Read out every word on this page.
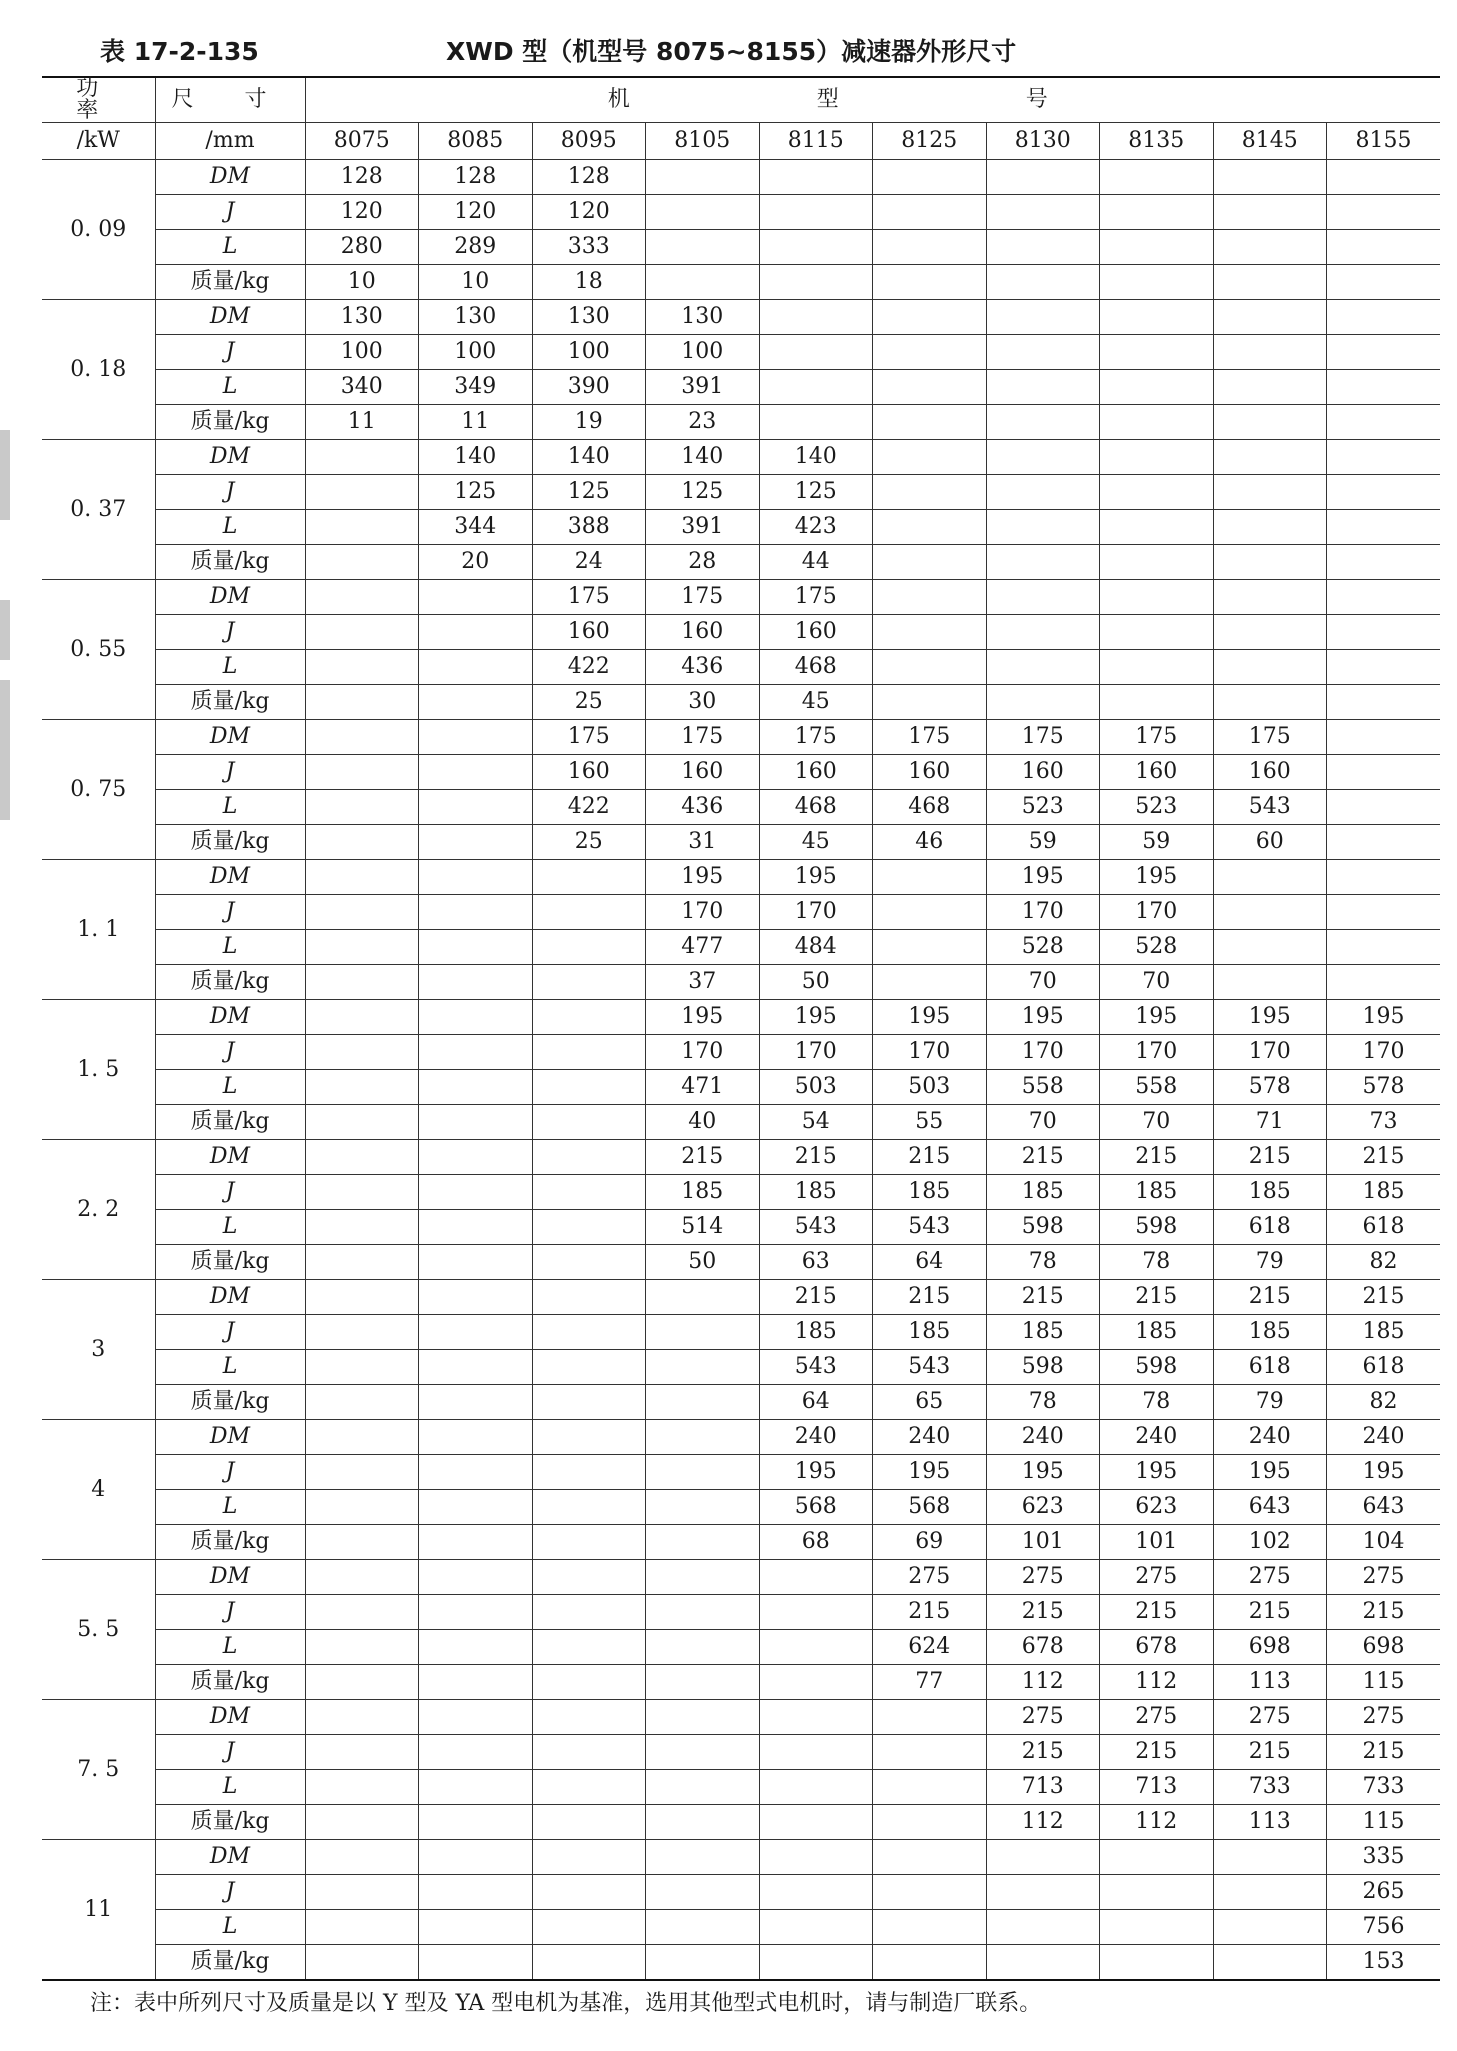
表 17-2-135	XWD 型（机型号 8075~8155）减速器外形尺寸
功 率	尺 寸	机 型 号									
/kW	/mm	8075	8085	8095	8105	8115	8125	8130	8135	8145	8155
0. 09	DM	128	128	128							
	J	120	120	120							
	L	280	289	333							
	质量/kg	10	10	18							
0. 18	DM	130	130	130	130						
	J	100	100	100	100						
	L	340	349	390	391						
	质量/kg	11	11	19	23						
0. 37	DM		140	140	140	140					
	J		125	125	125	125					
	L		344	388	391	423					
	质量/kg		20	24	28	44					
0. 55	DM			175	175	175					
	J			160	160	160					
	L			422	436	468					
	质量/kg			25	30	45					
0. 75	DM			175	175	175	175	175	175	175	
	J			160	160	160	160	160	160	160	
	L			422	436	468	468	523	523	543	
	质量/kg			25	31	45	46	59	59	60	
1. 1	DM				195	195		195	195		
	J				170	170		170	170		
	L				477	484		528	528		
	质量/kg				37	50		70	70		
1. 5	DM				195	195	195	195	195	195	195
	J				170	170	170	170	170	170	170
	L				471	503	503	558	558	578	578
	质量/kg				40	54	55	70	70	71	73
2. 2	DM				215	215	215	215	215	215	215
	J				185	185	185	185	185	185	185
	L				514	543	543	598	598	618	618
	质量/kg				50	63	64	78	78	79	82
3	DM					215	215	215	215	215	215
	J					185	185	185	185	185	185
	L					543	543	598	598	618	618
	质量/kg					64	65	78	78	79	82
4	DM					240	240	240	240	240	240
	J					195	195	195	195	195	195
	L					568	568	623	623	643	643
	质量/kg					68	69	101	101	102	104
5. 5	DM						275	275	275	275	275
	J						215	215	215	215	215
	L						624	678	678	698	698
	质量/kg						77	112	112	113	115
7. 5	DM							275	275	275	275
	J							215	215	215	215
	L							713	713	733	733
	质量/kg							112	112	113	115
11	DM										335
	J										265
	L										756
	质量/kg										153
注：表中所列尺寸及质量是以 Y 型及 YA 型电机为基准，选用其他型式电机时，请与制造厂联系。
